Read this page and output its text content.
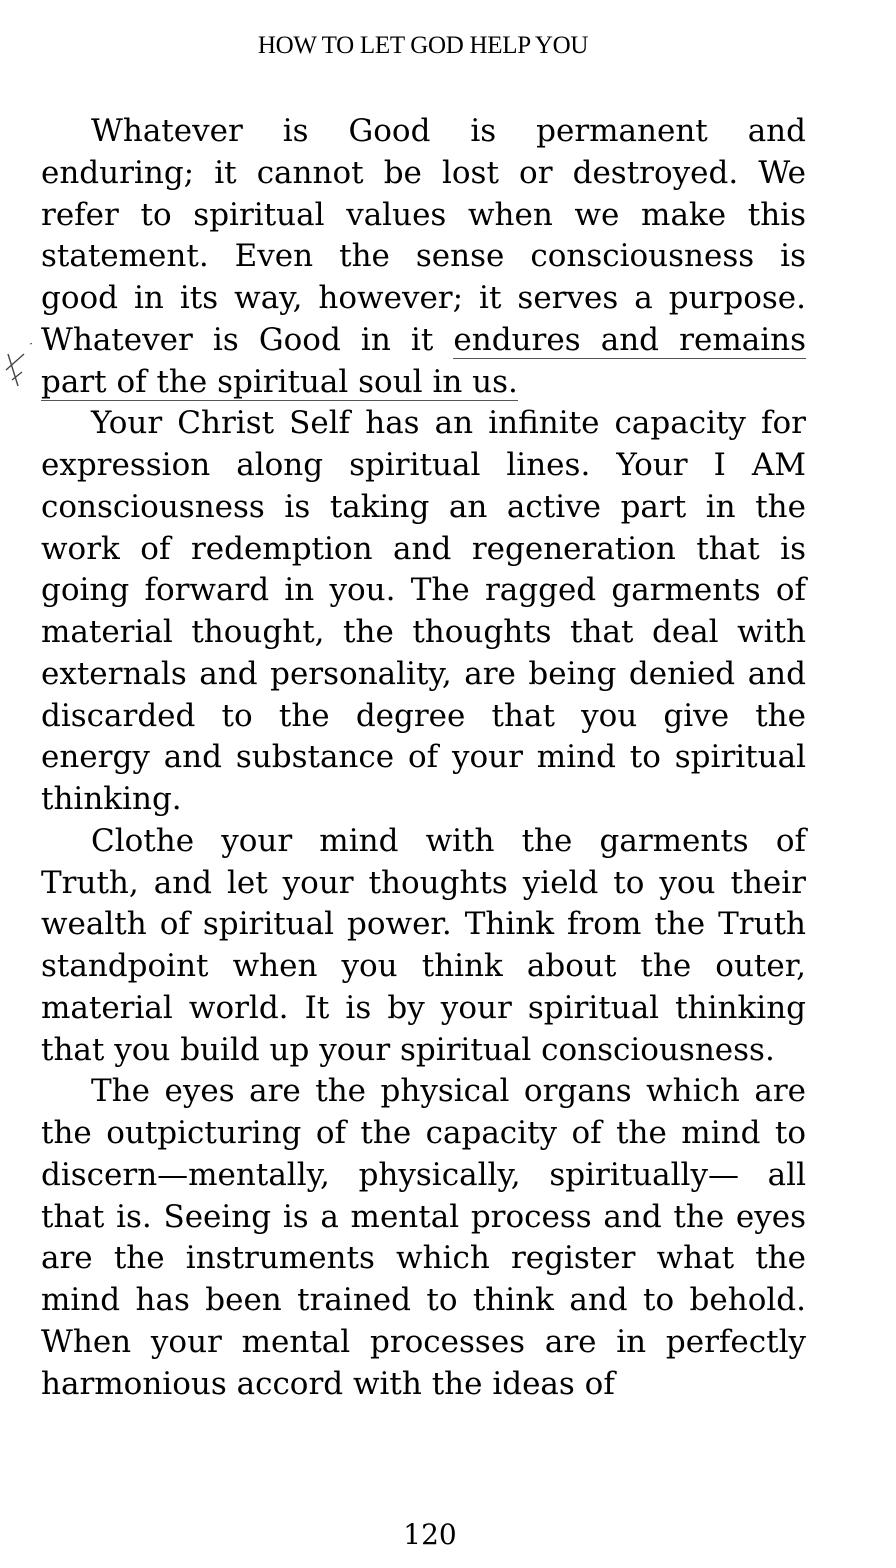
HOW TO LET GOD HELP YOU

Whatever is Good is permanent and enduring; it cannot be lost or destroyed. We refer to spiritual values when we make this statement. Even the sense consciousness is good in its way, however; it serves a purpose. Whatever is Good in it endures and remains part of the spiritual soul in us.

Your Christ Self has an infinite capacity for expression along spiritual lines. Your I AM consciousness is taking an active part in the work of redemption and regeneration that is going forward in you. The ragged garments of material thought, the thoughts that deal with externals and personality, are being denied and discarded to the degree that you give the energy and substance of your mind to spiritual thinking.

Clothe your mind with the garments of Truth, and let your thoughts yield to you their wealth of spiritual power. Think from the Truth standpoint when you think about the outer, material world. It is by your spiritual thinking that you build up your spiritual consciousness.

The eyes are the physical organs which are the outpicturing of the capacity of the mind to discern—mentally, physically, spiritually— all that is. Seeing is a mental process and the eyes are the instruments which register what the mind has been trained to think and to behold. When your mental processes are in perfectly harmonious accord with the ideas of

120
